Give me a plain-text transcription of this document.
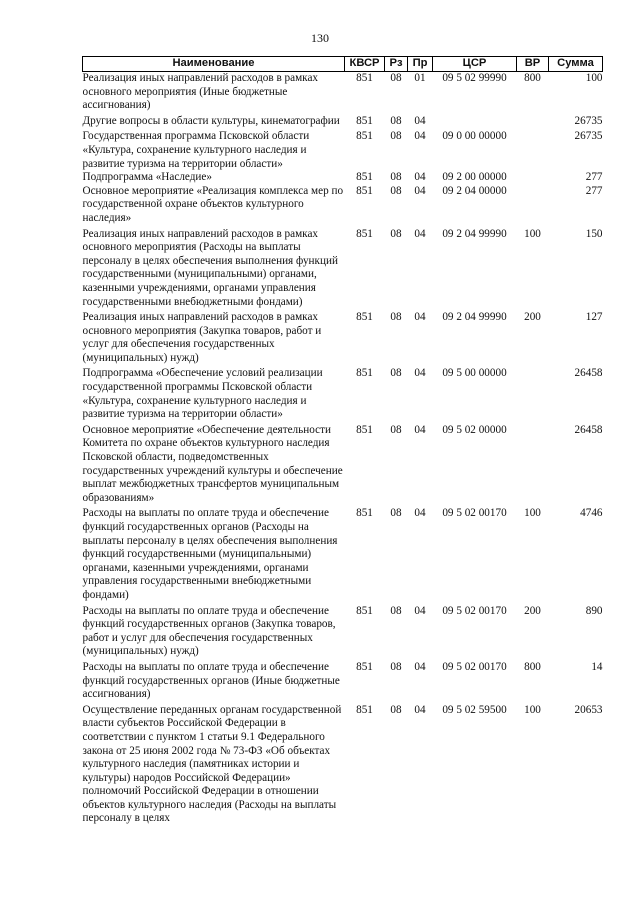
130
Наименование	КВСР	Рз	Пр	ЦСР	ВР	Сумма
Реализация иных направлений расходов в рамках основного мероприятия (Иные бюджетные ассигнования)	851	08	01	09 5 02 99990	800	100
Другие вопросы в области культуры, кинематографии	851	08	04			26735
Государственная программа Псковской области «Культура, сохранение культурного наследия и развитие туризма на территории области»	851	08	04	09 0 00 00000		26735
Подпрограмма «Наследие»	851	08	04	09 2 00 00000		277
Основное мероприятие «Реализация комплекса мер по государственной охране объектов культурного наследия»	851	08	04	09 2 04 00000		277
Реализация иных направлений расходов в рамках основного мероприятия (Расходы на выплаты персоналу в целях обеспечения выполнения функций государственными (муниципальными) органами, казенными учреждениями, органами управления государственными внебюджетными фондами)	851	08	04	09 2 04 99990	100	150
Реализация иных направлений расходов в рамках основного мероприятия (Закупка товаров, работ и услуг для обеспечения государственных (муниципальных) нужд)	851	08	04	09 2 04 99990	200	127
Подпрограмма «Обеспечение условий реализации государственной программы Псковской области «Культура, сохранение культурного наследия и развитие туризма на территории области»	851	08	04	09 5 00 00000		26458
Основное мероприятие «Обеспечение деятельности Комитета по охране объектов культурного наследия Псковской области, подведомственных государственных учреждений культуры и обеспечение выплат межбюджетных трансфертов муниципальным образованиям»	851	08	04	09 5 02 00000		26458
Расходы на выплаты по оплате труда и обеспечение функций государственных органов (Расходы на выплаты персоналу в целях обеспечения выполнения функций государственными (муниципальными) органами, казенными учреждениями, органами управления государственными внебюджетными фондами)	851	08	04	09 5 02 00170	100	4746
Расходы на выплаты по оплате труда и обеспечение функций государственных органов (Закупка товаров, работ и услуг для обеспечения государственных (муниципальных) нужд)	851	08	04	09 5 02 00170	200	890
Расходы на выплаты по оплате труда и обеспечение функций государственных органов (Иные бюджетные ассигнования)	851	08	04	09 5 02 00170	800	14
Осуществление переданных органам государственной власти субъектов Российской Федерации в соответствии с пунктом 1 статьи 9.1 Федерального закона от 25 июня 2002 года № 73-ФЗ «Об объектах культурного наследия (памятниках истории и культуры) народов Российской Федерации» полномочий Российской Федерации в отношении объектов культурного наследия (Расходы на выплаты персоналу в целях	851	08	04	09 5 02 59500	100	20653
